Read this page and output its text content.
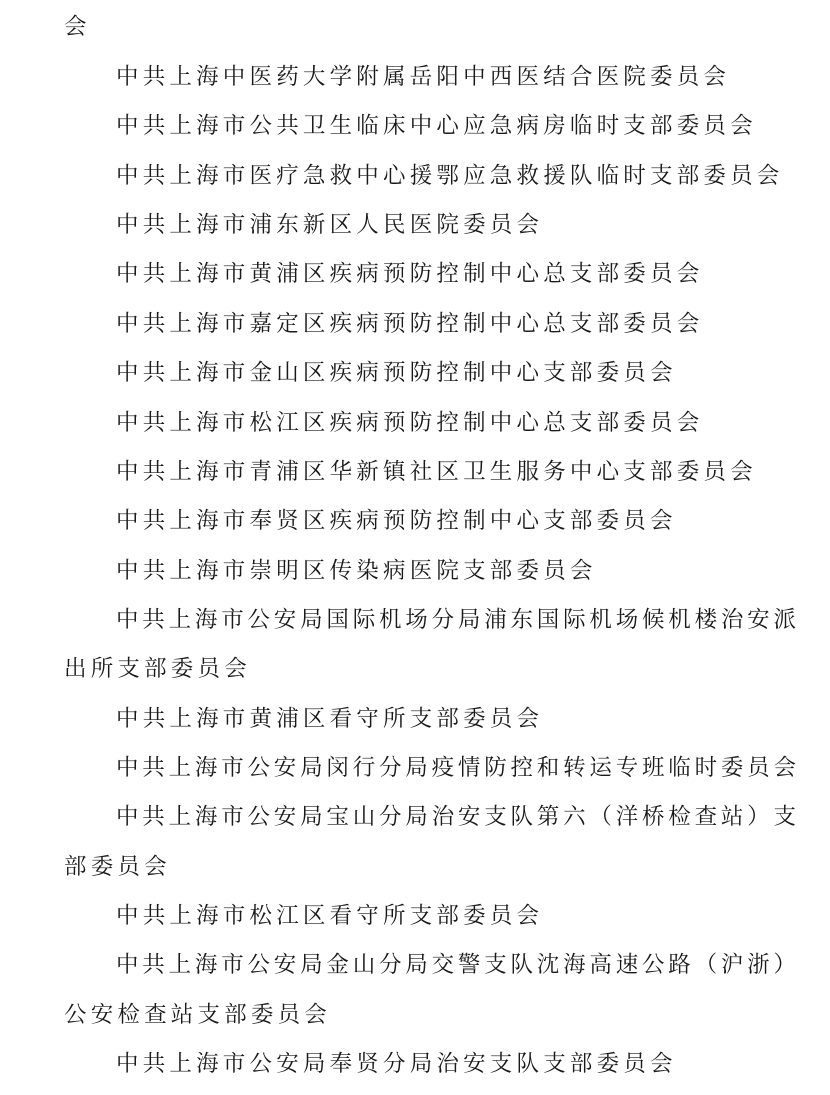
会
中共上海中医药大学附属岳阳中西医结合医院委员会
中共上海市公共卫生临床中心应急病房临时支部委员会
中共上海市医疗急救中心援鄂应急救援队临时支部委员会
中共上海市浦东新区人民医院委员会
中共上海市黄浦区疾病预防控制中心总支部委员会
中共上海市嘉定区疾病预防控制中心总支部委员会
中共上海市金山区疾病预防控制中心支部委员会
中共上海市松江区疾病预防控制中心总支部委员会
中共上海市青浦区华新镇社区卫生服务中心支部委员会
中共上海市奉贤区疾病预防控制中心支部委员会
中共上海市崇明区传染病医院支部委员会
中共上海市公安局国际机场分局浦东国际机场候机楼治安派
出所支部委员会
中共上海市黄浦区看守所支部委员会
中共上海市公安局闵行分局疫情防控和转运专班临时委员会
中共上海市公安局宝山分局治安支队第六（洋桥检查站）支
部委员会
中共上海市松江区看守所支部委员会
中共上海市公安局金山分局交警支队沈海高速公路（沪浙）
公安检查站支部委员会
中共上海市公安局奉贤分局治安支队支部委员会
